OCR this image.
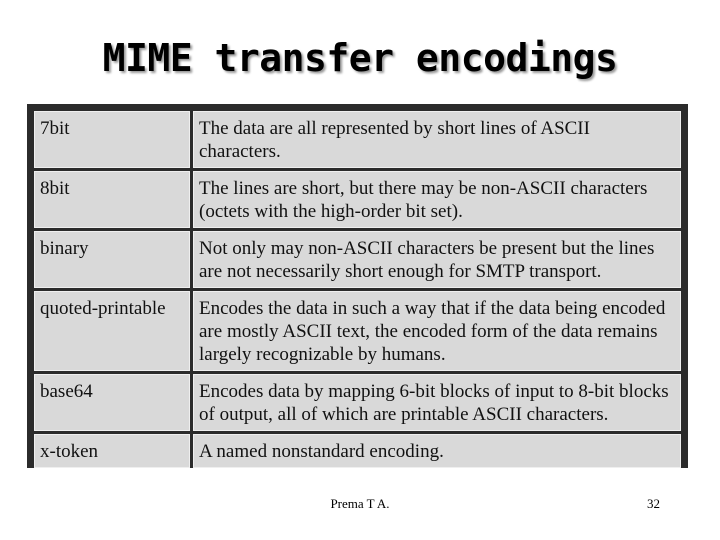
MIME transfer encodings
7bit	The data are all represented by short lines of ASCII characters.
8bit	The lines are short, but there may be non-ASCII characters (octets with the high-order bit set).
binary	Not only may non-ASCII characters be present but the lines are not necessarily short enough for SMTP transport.
quoted-printable	Encodes the data in such a way that if the data being encoded are mostly ASCII text, the encoded form of the data remains largely recognizable by humans.
base64	Encodes data by mapping 6-bit blocks of input to 8-bit blocks of output, all of which are printable ASCII characters.
x-token	A named nonstandard encoding.
Prema T A.	32
